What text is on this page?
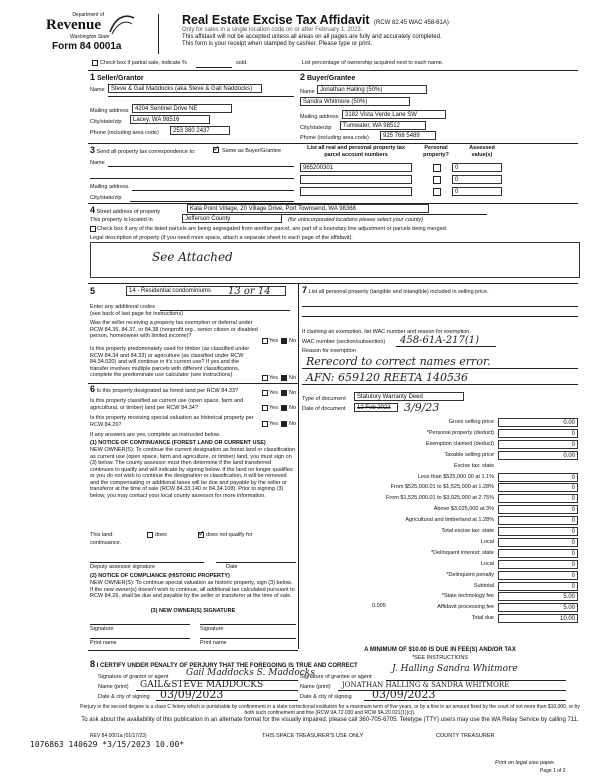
Department of
Revenue
Washington State
Form 84 0001a
Real Estate Excise Tax Affidavit (RCW 82.45 WAC 458-61A)
Only for sales in a single location code on or after February 1, 2023.
This affidavit will not be accepted unless all areas on all pages are fully and accurately completed.
This form is your receipt when stamped by cashier. Please type or print.
Check box if partial sale, indicate %	sold.	List percentage of ownership acquired next to each name.
1 Seller/Grantor
Name	Steve & Gail Maddocks (aka Steve & Gail Naddocks)
Mailing address	4204 Sentinel Drive NE
City/state/zip	Lacey, WA 98516
Phone (including area code)	253 380 2437
2 Buyer/Grantee
Name Jonathan Halling (50%)
Sandra Whitmore (50%)
Mailing address	3182 Vista Verde Lane SW
City/state/zip	Tumwater, WA 98512
Phone (including area code)	925 768 5489
3 Send all property tax correspondence to: ✓ Same as Buyer/Grantee
Name
Mailing address
City/state/zip
List all real and personal property tax parcel account numbers
Personal property?
Assessed value(s)
965200301	0
0
0
4 Street address of property	Kala Point Village, 20 Village Drive, Port Townsend, WA 98368
This property is located in	Jefferson County	(for unincorporated locations please select your county)
Check box if any of the listed parcels are being segregated from another parcel, are part of a boundary line adjustment or parcels being merged.
Legal description of property (if you need more space, attach a separate sheet to each page of the affidavit).
See Attached
5	14 - Residential condominiums	13 or 14
Enter any additional codes
(see back of last page for instructions)
Was the seller receiving a property tax exemption or deferral under RCW 84.36, 84.37, or 84.38 (nonprofit org., senior citizen or disabled person, homeowner with limited income)?
Yes No
Is this property predominately used for timber (as classified under RCW 84.34 and 84.33) or agriculture (as classified under RCW 84.34.020) and will continue in it's current use? If yes and the transfer involves multiple parcels with different classifications, complete the predominate use calculator (see instructions)	Yes No
6 Is this property designated as forest land per RCW 84.33?	Yes No
Is this property classified as current use (open space, farm and agricultural, or timber) land per RCW 84.34?	Yes No
Is this property receiving special valuation as historical property per RCW 84.26?	Yes No
If any answers are yes, complete as instructed below.
(1) NOTICE OF CONTINUANCE (FOREST LAND OR CURRENT USE)
NEW OWNER(S): To continue the current designation as forest land or classification as current use (open space, farm and agriculture, or timber) land, you must sign on (3) below. The county assessor must then determine if the land transferred continues to qualify and will indicate by signing below. If the land no longer qualifies or you do not wish to continue the designation or classification, it will be removed and the compensating or additional taxes will be due and payable by the seller or transferor at the time of sale (RCW 84.33.140 or 84.34.108). Prior to signing (3) below, you may contact your local county assessor for more information.
This land:	does	✓ does not qualify for
continuance.
Deputy assessor signature	Date
(2) NOTICE OF COMPLIANCE (HISTORIC PROPERTY)
NEW OWNER(S): To continue special valuation as historic property, sign (3) below. If the new owner(s) doesn't wish to continue, all additional tax calculated pursuant to RCW 84.26, shall be due and payable by the seller or transferor at the time of sale.
(3) NEW OWNER(S) SIGNATURE
Signature	Signature
Print name	Print name
7 List all personal property (tangible and intangible) included in selling price.
If claiming an exemption, list WAC number and reason for exemption.
WAC number (section/subsection) 458-61A-217(1)
Reason for exemption
Rerecord to correct names error.
AFN: 659120 REETA 140536
Type of document	Statutory Warranty Deed
Date of document	12 Feb 2023	3/9/23
Gross selling price	0.00
*Personal property (deduct)	0
Exemption claimed (deduct)	0
Taxable selling price	0.00
Excise tax: state
Less than $525,000.00 at 1.1%	0
From $525,000.01 to $1,525,000 at 1.28%	0
From $1,525,000.01 to $3,025,000 at 2.75%	0
Above $3,025,000 at 3%	0
Agricultural and timberland at 1.28%	0
Total excise tax: state	0
Local	0
*Delinquent interest: state	0
Local	0
*Delinquent penalty	0
Subtotal	0
*State technology fee	5.00
Affidavit processing fee	5.00
Total due	10.00
0.005
A MINIMUM OF $10.00 IS DUE IN FEE(S) AND/OR TAX
*SEE INSTRUCTIONS
8 I CERTIFY UNDER PENALTY OF PERJURY THAT THE FOREGOING IS TRUE AND CORRECT
Signature of grantor or agent Gail Maddocks S. Maddocks
Name (print) GAIL&STEVE MADDOCKS
Date & city of signing 03/09/2023
Signature of grantee or agent
J. Halling Sandra Whitmore
Name (print) JONATHAN HALLING & SANDRA WHITMORE
Date & city of signing 03/09/2023
Perjury in the second degree is a class C felony which is punishable by confinement in a state correctional institution for a maximum term of five years, or by a fine in an amount fixed by the court of not more than $10,000, or by both such confinement and fine (RCW 9A.72.030 and RCW 9A.20.021(1)(c)).
To ask about the availability of this publication in an alternate format for the visually impaired, please call 360-705-6705. Teletype (TTY) users may use the WA Relay Service by calling 711.
REV 84 0001a (01/17/23)	THIS SPACE TREASURER'S USE ONLY	COUNTY TREASURER
1076863 140629 *3/15/2023 10.00*
Print on legal size paper.
Page 1 of 2
